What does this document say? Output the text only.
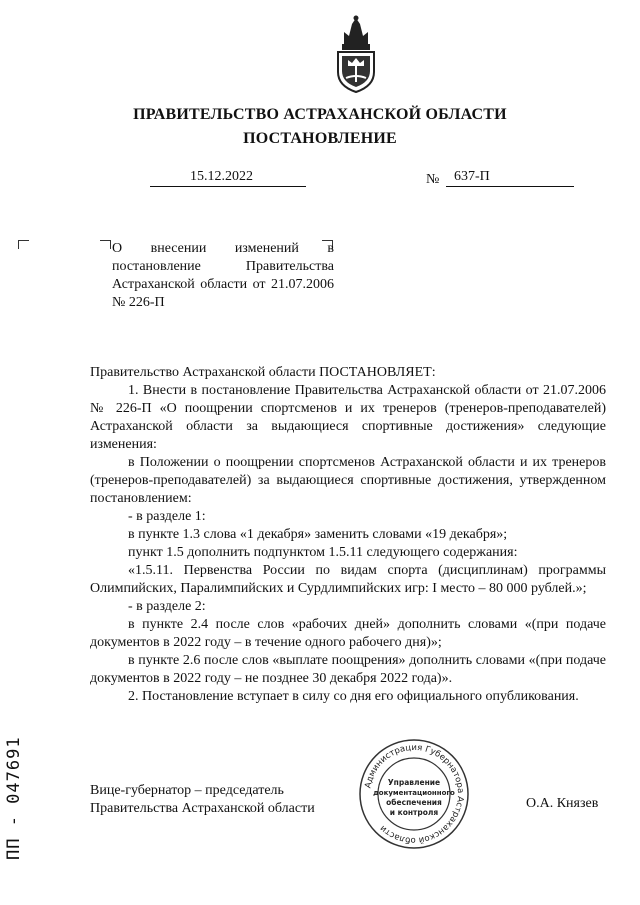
ПРАВИТЕЛЬСТВО АСТРАХАНСКОЙ ОБЛАСТИ
ПОСТАНОВЛЕНИЕ
15.12.2022	№ 637-П
О внесении изменений в постановление Правительства Астраханской области от 21.07.2006 № 226-П

Правительство Астраханской области ПОСТАНОВЛЯЕТ:

1. Внести в постановление Правительства Астраханской области от 21.07.2006 № 226-П «О поощрении спортсменов и их тренеров (тренеров-преподавателей) Астраханской области за выдающиеся спортивные достижения» следующие изменения:

в Положении о поощрении спортсменов Астраханской области и их тренеров (тренеров-преподавателей) за выдающиеся спортивные достижения, утвержденном постановлением:

- в разделе 1:

в пункте 1.3 слова «1 декабря» заменить словами «19 декабря»;

пункт 1.5 дополнить подпунктом 1.5.11 следующего содержания:

«1.5.11. Первенства России по видам спорта (дисциплинам) программы Олимпийских, Паралимпийских и Сурдлимпийских игр: I место – 80 000 рублей.»;

- в разделе 2:

в пункте 2.4 после слов «рабочих дней» дополнить словами «(при подаче документов в 2022 году – в течение одного рабочего дня)»;

в пункте 2.6 после слов «выплате поощрения» дополнить словами «(при подаче документов в 2022 году – не позднее 30 декабря 2022 года)».

2. Постановление вступает в силу со дня его официального опубликования.

ПП - 047691	Вице-губернатор – председатель
Правительства Астраханской области	О.А. Князев
Администрация Губернатора Астраханской области
Управление
документационного
обеспечения
и контроля
